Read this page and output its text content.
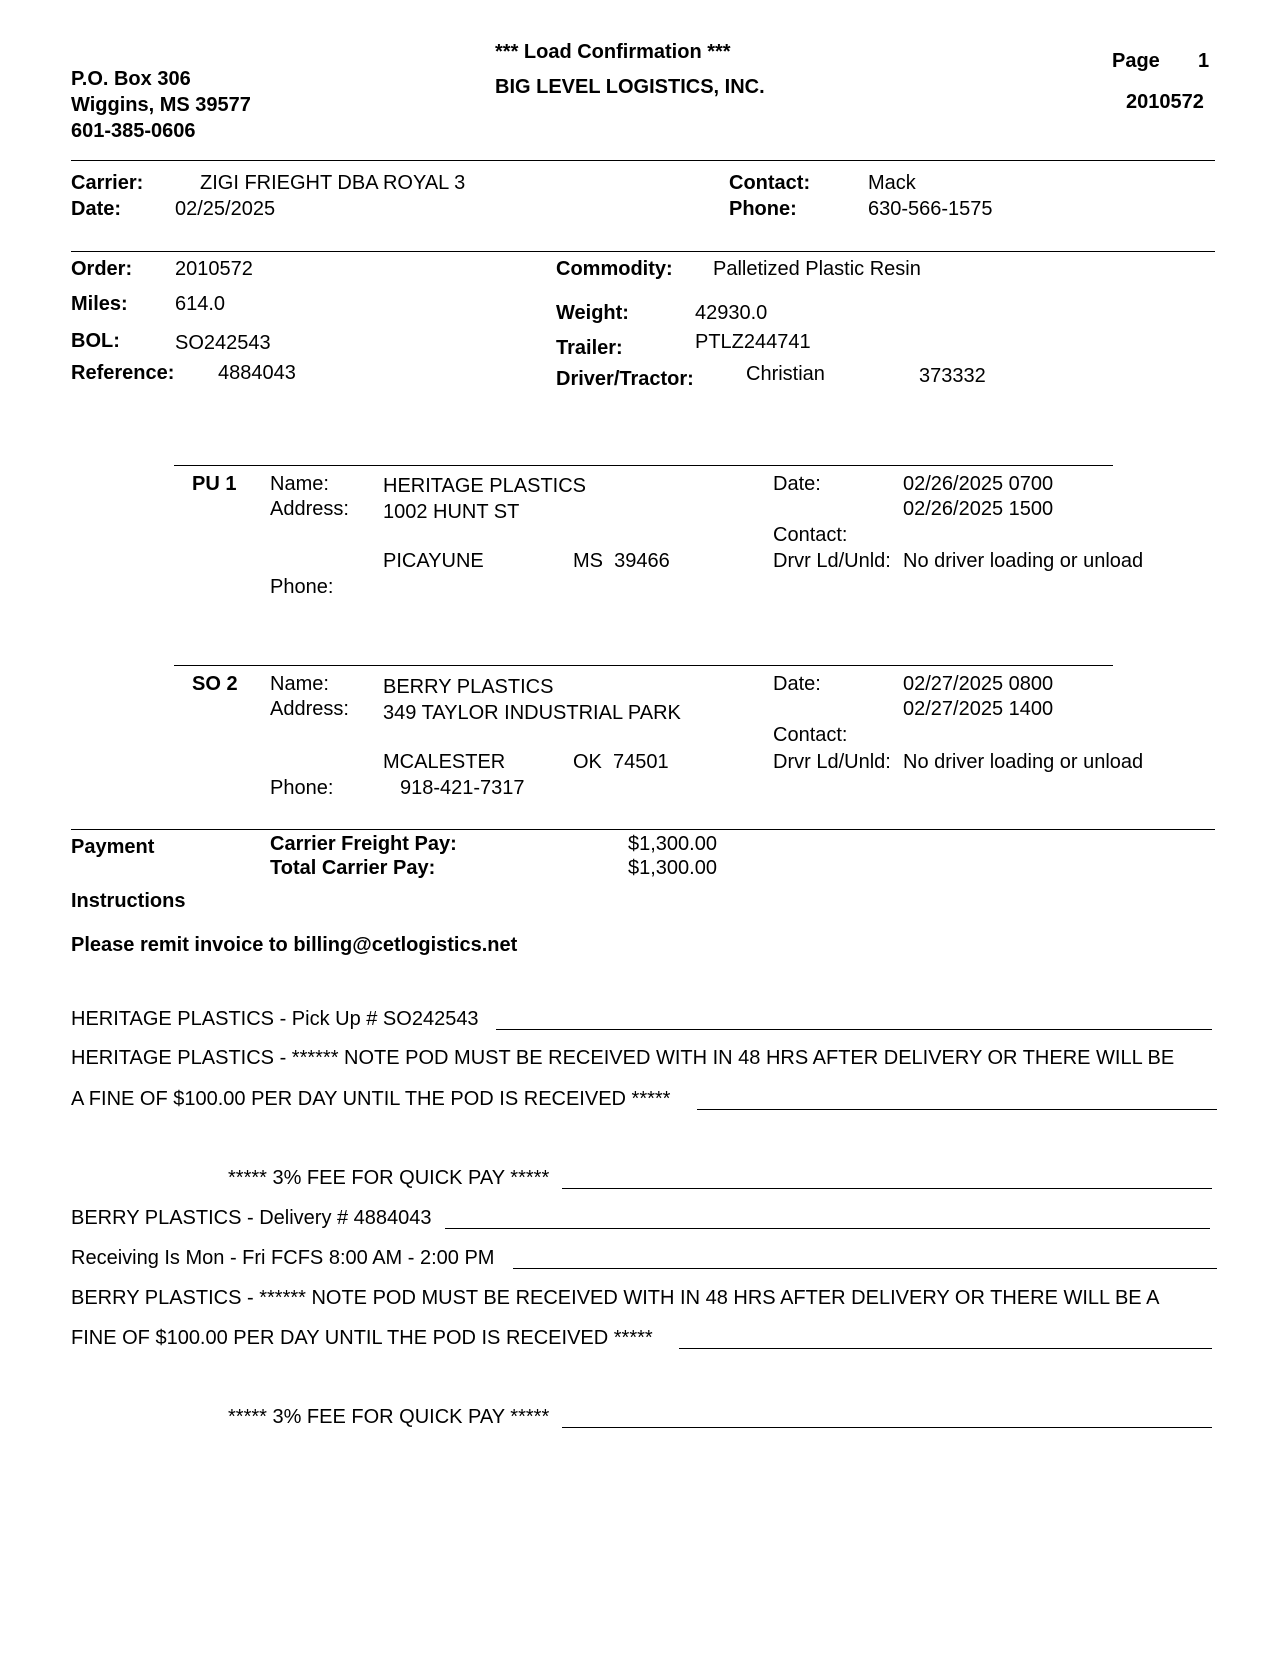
P.O. Box 306
Wiggins, MS 39577
601-385-0606
*** Load Confirmation ***
BIG LEVEL LOGISTICS, INC.
Page 1
2010572
Carrier:	ZIGI FRIEGHT DBA ROYAL 3
Date:	02/25/2025
Contact:	Mack
Phone:	630-566-1575
Order: 2010572
Miles: 614.0
BOL:	SO242543
Reference: 4884043
Commodity: Palletized Plastic Resin
Weight:	42930.0
Trailer:	PTLZ244741
Driver/Tractor:	Christian	373332
PU 1 Name:	HERITAGE PLASTICS
Address: 1002 HUNT ST
PICAYUNE	MS  39466
Phone:
Date:	02/26/2025 0700
02/26/2025 1500
Contact:
Drvr Ld/Unld: No driver loading or unload
SO 2 Name:	BERRY PLASTICS
Address: 349 TAYLOR INDUSTRIAL PARK
MCALESTER	OK  74501
Phone:	918-421-7317
Date:	02/27/2025 0800
02/27/2025 1400
Contact:
Drvr Ld/Unld: No driver loading or unload
Payment	Carrier Freight Pay:	$1,300.00
Total Carrier Pay:	$1,300.00
Instructions
Please remit invoice to billing@cetlogistics.net
HERITAGE PLASTICS - Pick Up # SO242543
HERITAGE PLASTICS - ****** NOTE POD MUST BE RECEIVED WITH IN 48 HRS AFTER DELIVERY OR THERE WILL BE
A FINE OF $100.00 PER DAY UNTIL THE POD IS RECEIVED *****
***** 3% FEE FOR QUICK PAY *****
BERRY PLASTICS - Delivery # 4884043
Receiving Is Mon - Fri FCFS 8:00 AM - 2:00 PM
BERRY PLASTICS - ****** NOTE POD MUST BE RECEIVED WITH IN 48 HRS AFTER DELIVERY OR THERE WILL BE A
FINE OF $100.00 PER DAY UNTIL THE POD IS RECEIVED *****
***** 3% FEE FOR QUICK PAY *****
